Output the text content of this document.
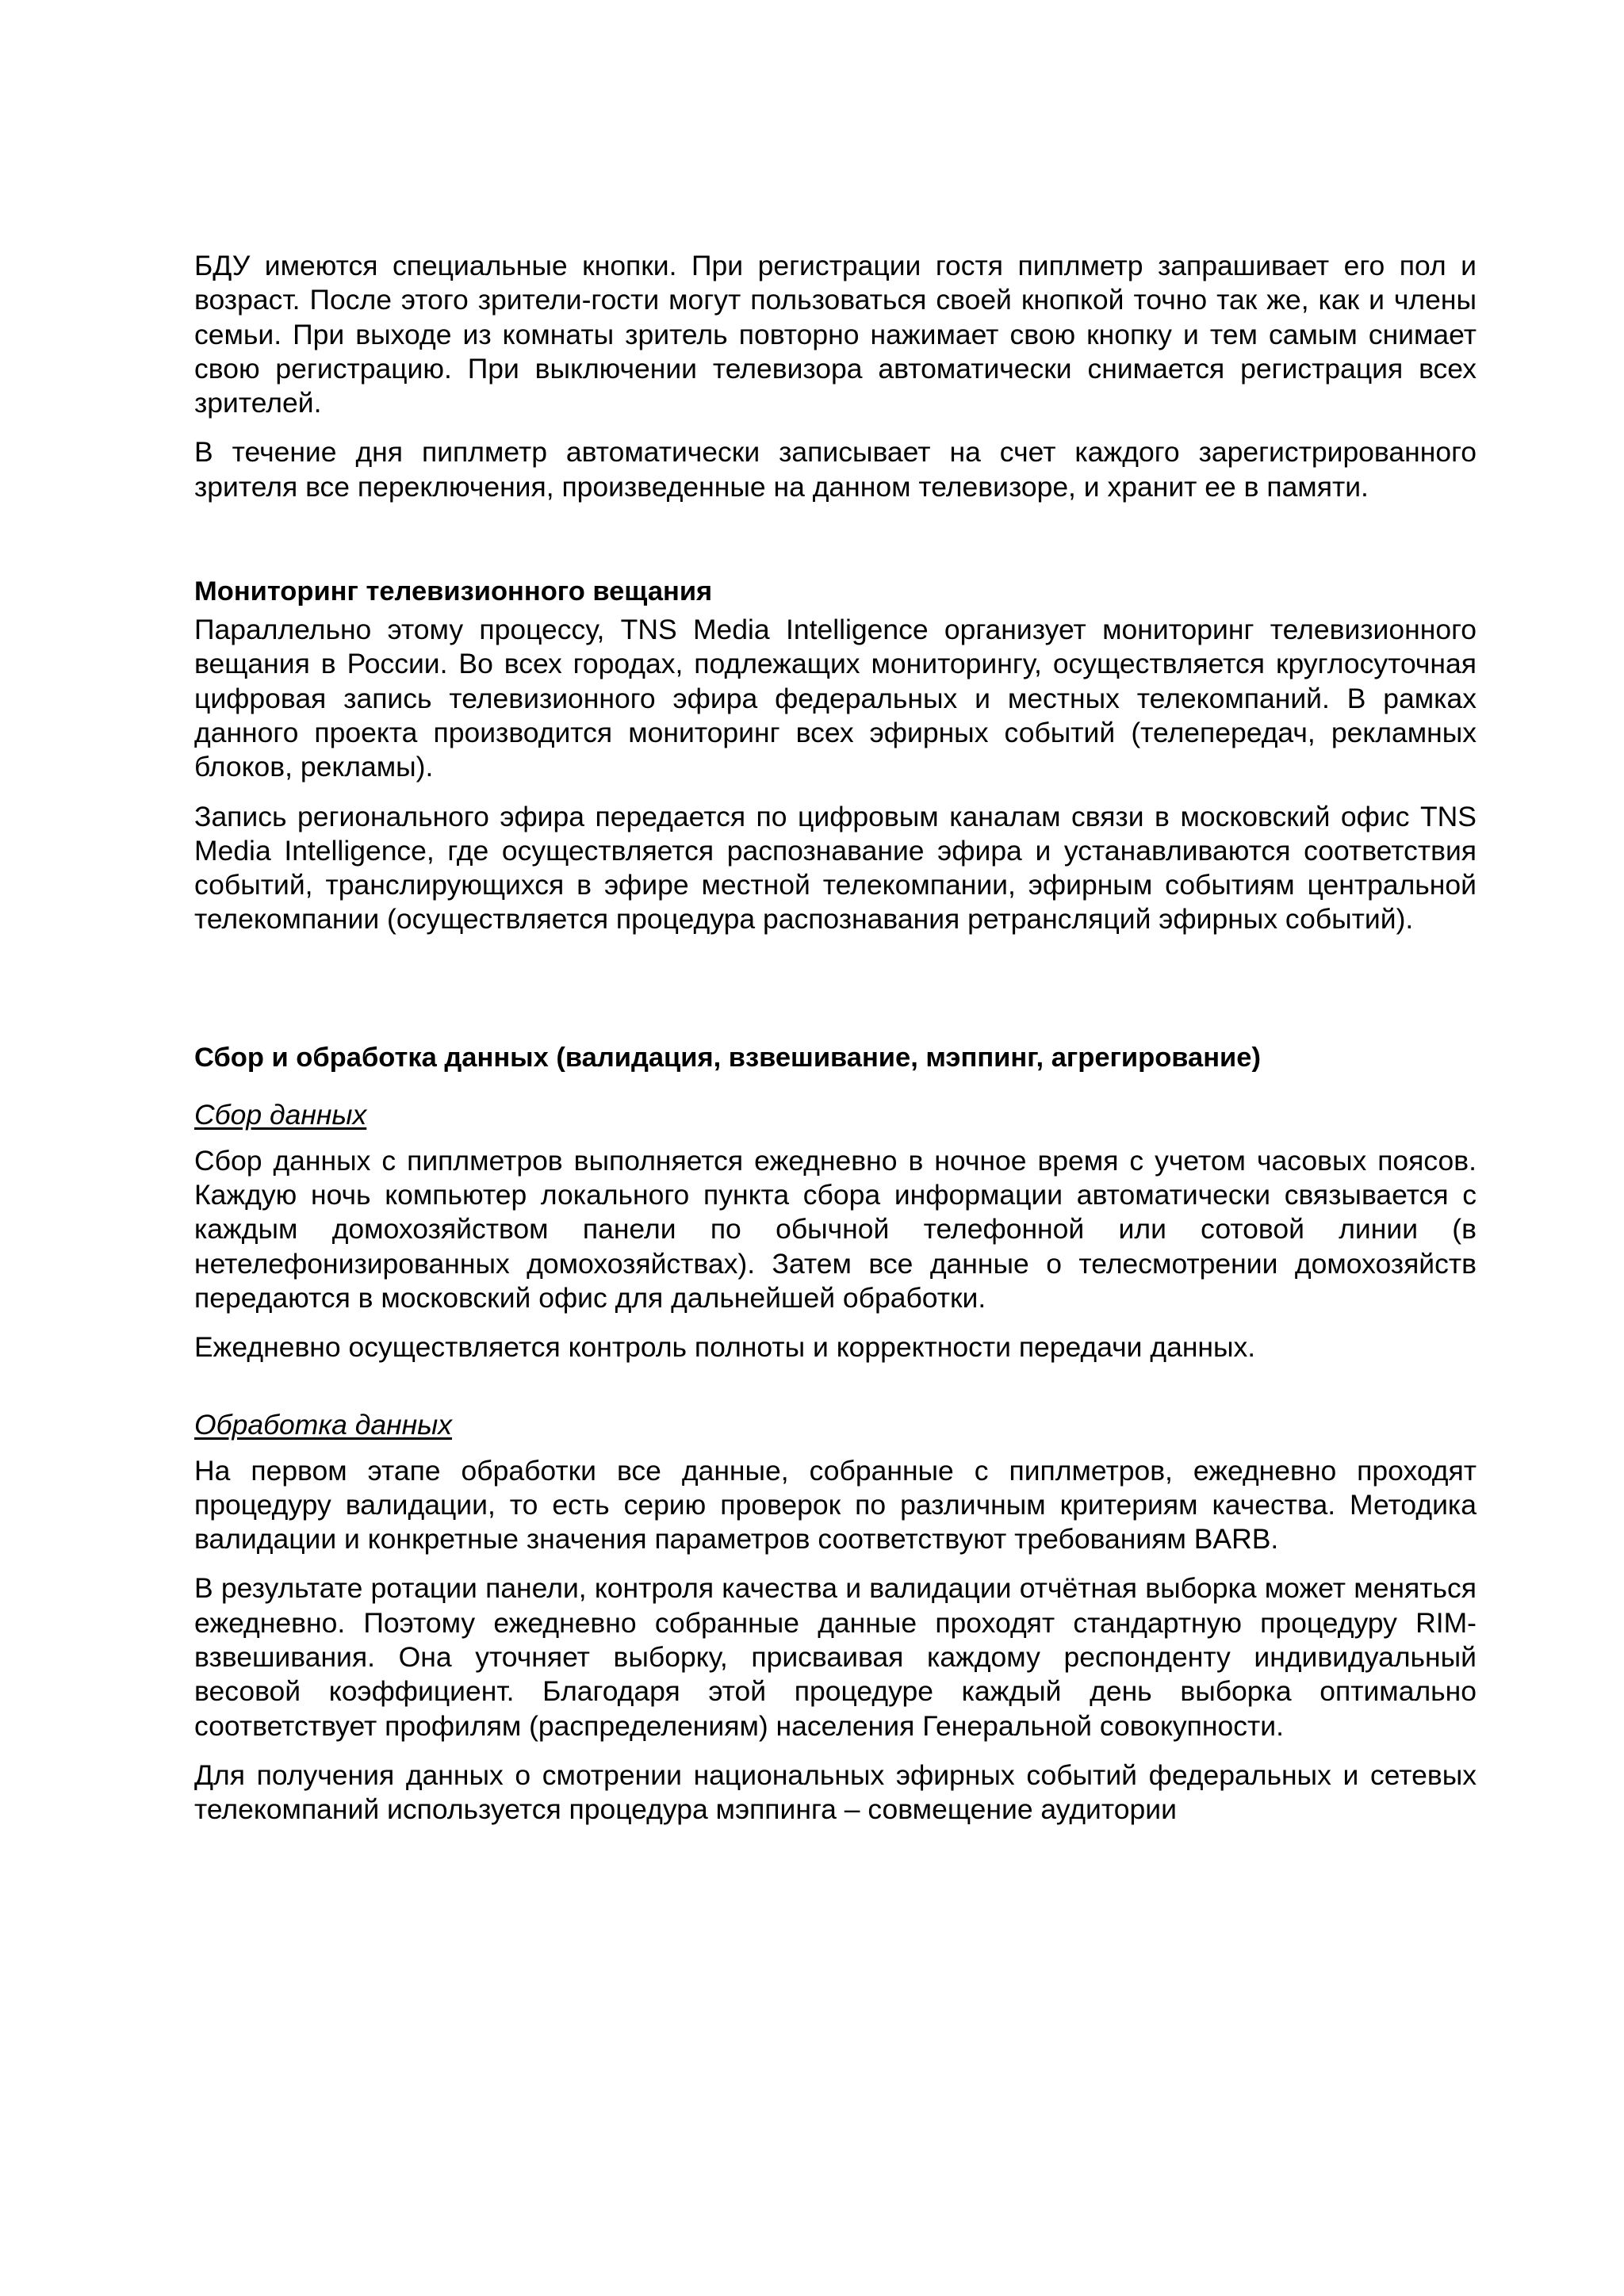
БДУ имеются специальные кнопки. При регистрации гостя пиплметр запрашивает его пол и возраст. После этого зрители-гости могут пользоваться своей кнопкой точно так же, как и члены семьи. При выходе из комнаты зритель повторно нажимает свою кнопку и тем самым снимает свою регистрацию. При выключении телевизора автоматически снимается регистрация всех зрителей.

В течение дня пиплметр автоматически записывает на счет каждого зарегистрированного зрителя все переключения, произведенные на данном телевизоре, и хранит ее в памяти.

Мониторинг телевизионного вещания

Параллельно этому процессу, TNS Media Intelligence организует мониторинг телевизионного вещания в России. Во всех городах, подлежащих мониторингу, осуществляется круглосуточная цифровая запись телевизионного эфира федеральных и местных телекомпаний. В рамках данного проекта производится мониторинг всех эфирных событий (телепередач, рекламных блоков, рекламы).

Запись регионального эфира передается по цифровым каналам связи в московский офис TNS Media Intelligence, где осуществляется распознавание эфира и устанавливаются соответствия событий, транслирующихся в эфире местной телекомпании, эфирным событиям центральной телекомпании (осуществляется процедура распознавания ретрансляций эфирных событий).

Сбор и обработка данных (валидация, взвешивание, мэппинг, агрегирование)
Сбор данных

Сбор данных с пиплметров выполняется ежедневно в ночное время с учетом часовых поясов. Каждую ночь компьютер локального пункта сбора информации автоматически связывается с каждым домохозяйством панели по обычной телефонной или сотовой линии (в нетелефонизированных домохозяйствах). Затем все данные о телесмотрении домохозяйств передаются в московский офис для дальнейшей обработки.

Ежедневно осуществляется контроль полноты и корректности передачи данных.

Обработка данных

На первом этапе обработки все данные, собранные с пиплметров, ежедневно проходят процедуру валидации, то есть серию проверок по различным критериям качества. Методика валидации и конкретные значения параметров соответствуют требованиям BARB.

В результате ротации панели, контроля качества и валидации отчётная выборка может меняться ежедневно. Поэтому ежедневно собранные данные проходят стандартную процедуру RIM-взвешивания. Она уточняет выборку, присваивая каждому респонденту индивидуальный весовой коэффициент. Благодаря этой процедуре каждый день выборка оптимально соответствует профилям (распределениям) населения Генеральной совокупности.

Для получения данных о смотрении национальных эфирных событий федеральных и сетевых телекомпаний используется процедура мэппинга – совмещение аудитории
